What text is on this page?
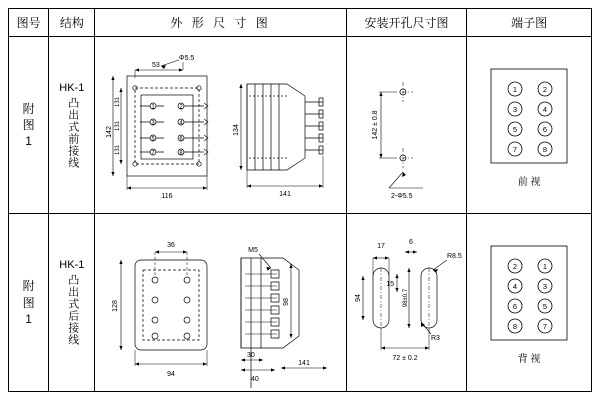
图号	结构	外 形 尺 寸 图	安装开孔尺寸图	端子图

附
图
1

HK-1
凸出式前接线

53
Φ5.5
142
131
131
131
116
134
141
1	2
3	4
5	6
7	8

142 ± 0.8
2-Φ5.5

1	2
3	4
5	6
7	8
前 视

附
图
1

HK-1
凸出式后接线

36
128
94
M5
98
30
40
141

17
6
R8.5
15
94	98±0.7
R3
72 ± 0.2

2	1
4	3
6	5
8	7
背 视
